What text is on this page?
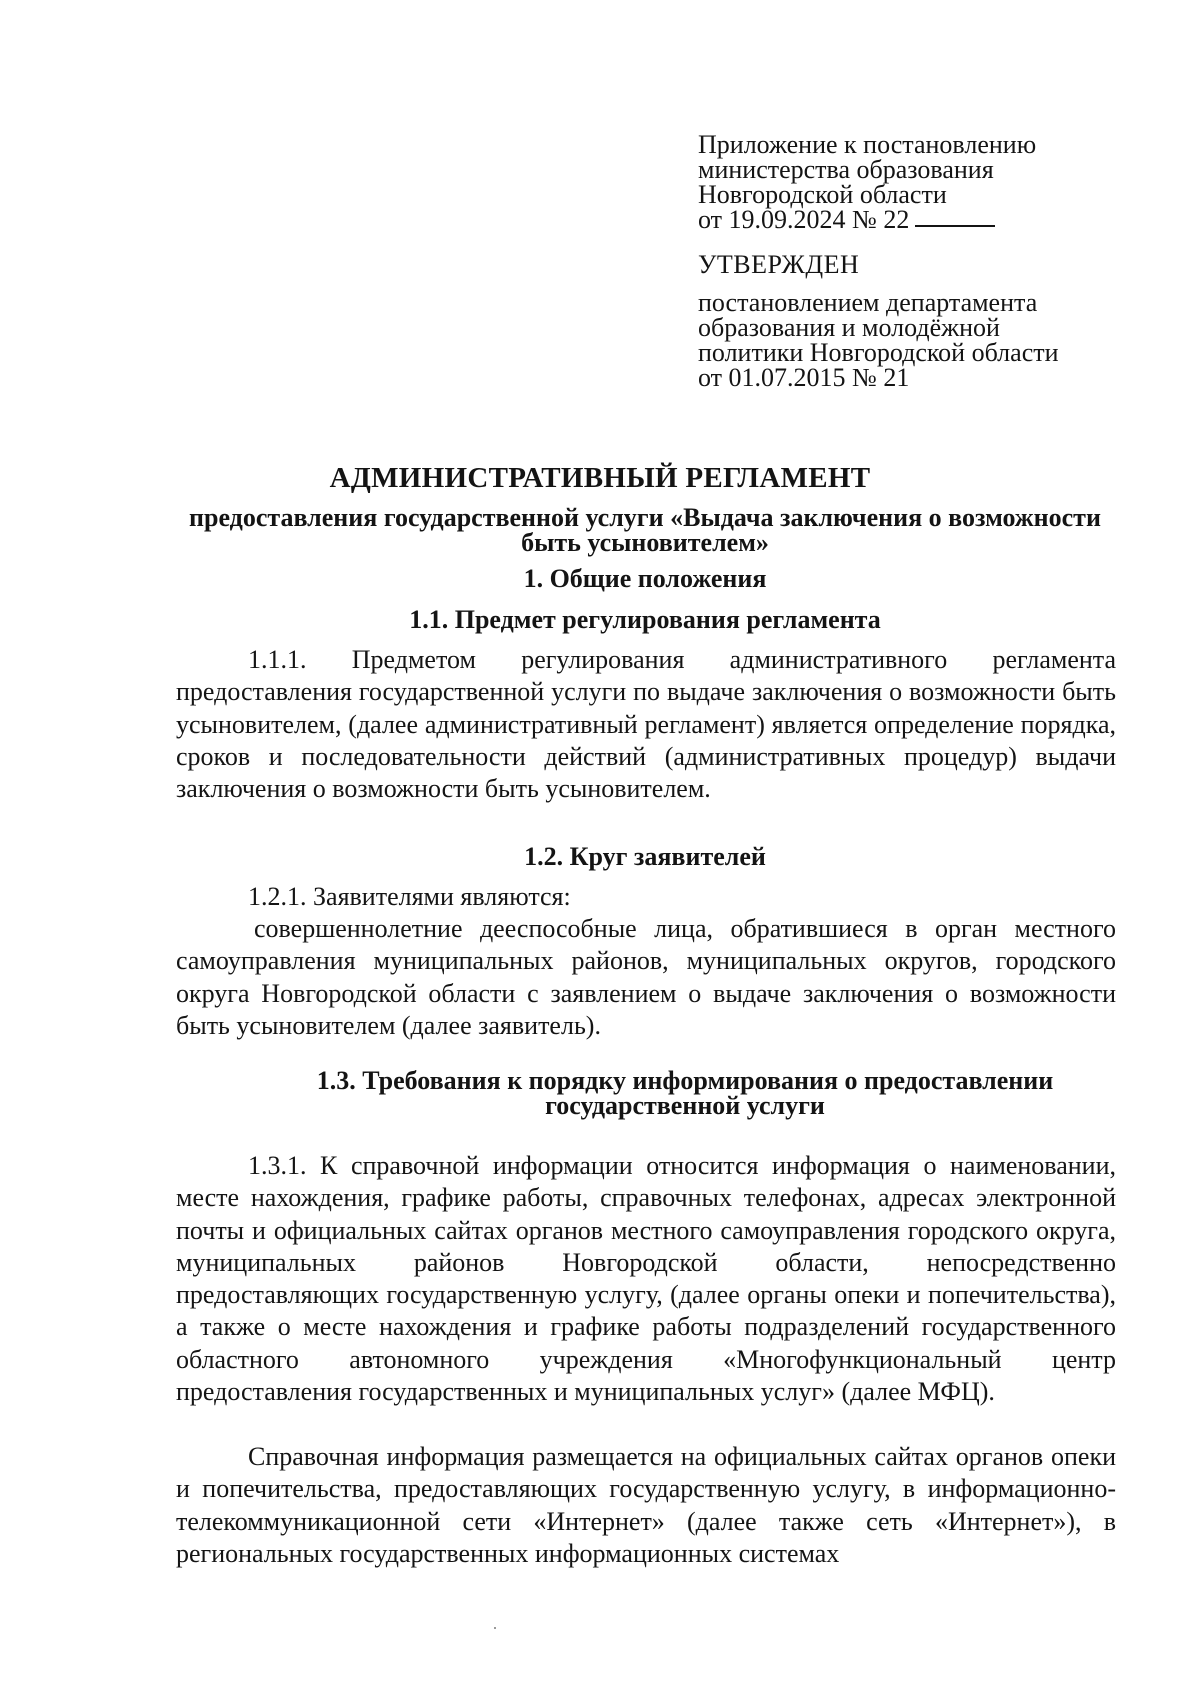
Приложение к постановлению
министерства образования
Новгородской области
от 19.09.2024 № 22
УТВЕРЖДЕН
постановлением департамента
образования и молодёжной
политики Новгородской области
от 01.07.2015 № 21
АДМИНИСТРАТИВНЫЙ РЕГЛАМЕНТ
предоставления государственной услуги «Выдача заключения о возможности быть усыновителем»
1. Общие положения
1.1. Предмет регулирования регламента
1.1.1. Предметом регулирования административного регламента предоставления государственной услуги по выдаче заключения о возможности быть усыновителем, (далее административный регламент) является определение порядка, сроков и последовательности действий (административных процедур) выдачи заключения о возможности быть усыновителем.
1.2. Круг заявителей
1.2.1. Заявителями являются:
совершеннолетние дееспособные лица, обратившиеся в орган местного самоуправления муниципальных районов, муниципальных округов, городского округа Новгородской области с заявлением о выдаче заключения о возможности быть усыновителем (далее заявитель).
1.3. Требования к порядку информирования о предоставлении государственной услуги
1.3.1. К справочной информации относится информация о наименовании, месте нахождения, графике работы, справочных телефонах, адресах электронной почты и официальных сайтах органов местного самоуправления городского округа, муниципальных районов Новгородской области, непосредственно предоставляющих государственную услугу, (далее органы опеки и попечительства), а также о месте нахождения и графике работы подразделений государственного областного автономного учреждения «Многофункциональный центр предоставления государственных и муниципальных услуг» (далее МФЦ).
Справочная информация размещается на официальных сайтах органов опеки и попечительства, предоставляющих государственную услугу, в информационно-телекоммуникационной сети «Интернет» (далее также сеть «Интернет»), в региональных государственных информационных системах
